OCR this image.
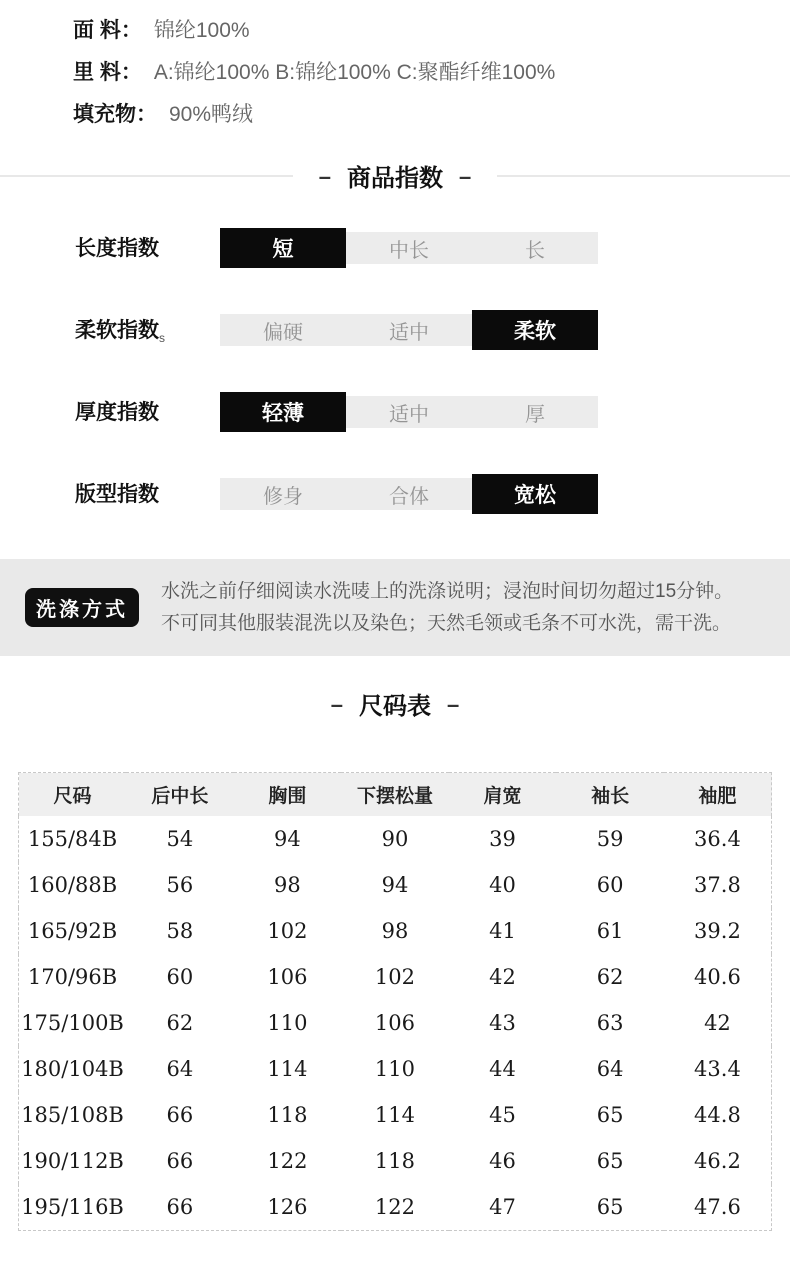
面 料： 锦纶100%
里 料： A:锦纶100% B:锦纶100% C:聚酯纤维100%
填充物： 90%鸭绒
– 商品指数 –
长度指数	短	中长	长
柔软指数$_s$	偏硬	适中	柔软
厚度指数	轻薄	适中	厚
版型指数	修身	合体	宽松
洗涤方式
水洗之前仔细阅读水洗唛上的洗涤说明；浸泡时间切勿超过15分钟。
不可同其他服装混洗以及染色；天然毛领或毛条不可水洗，需干洗。
– 尺码表 –
尺码	后中长	胸围	下摆松量	肩宽	袖长	袖肥
155/84B	54	94	90	39	59	36.4
160/88B	56	98	94	40	60	37.8
165/92B	58	102	98	41	61	39.2
170/96B	60	106	102	42	62	40.6
175/100B	62	110	106	43	63	42
180/104B	64	114	110	44	64	43.4
185/108B	66	118	114	45	65	44.8
190/112B	66	122	118	46	65	46.2
195/116B	66	126	122	47	65	47.6
